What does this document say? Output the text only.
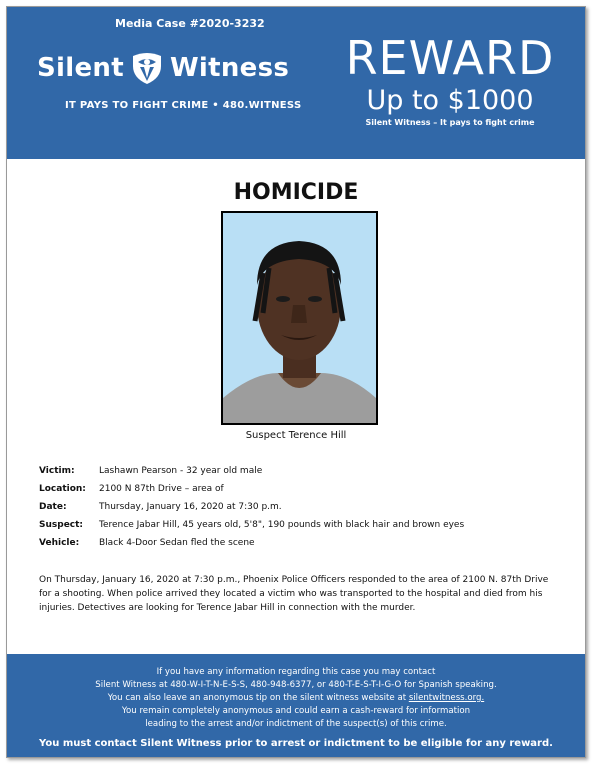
Media Case #2020-3232
Silent Witness
IT PAYS TO FIGHT CRIME • 480.WITNESS
REWARD
Up to $1000
Silent Witness – It pays to fight crime
HOMICIDE
Suspect Terence Hill
Victim:	Lashawn Pearson - 32 year old male
Location:	2100 N 87th Drive – area of
Date:	Thursday, January 16, 2020 at 7:30 p.m.
Suspect:	Terence Jabar Hill, 45 years old, 5'8", 190 pounds with black hair and brown eyes
Vehicle:	Black 4-Door Sedan fled the scene
On Thursday, January 16, 2020 at 7:30 p.m., Phoenix Police Officers responded to the area of 2100 N. 87th Drive for a shooting. When police arrived they located a victim who was transported to the hospital and died from his injuries. Detectives are looking for Terence Jabar Hill in connection with the murder.
If you have any information regarding this case you may contact
Silent Witness at 480-W-I-T-N-E-S-S, 480-948-6377, or 480-T-E-S-T-I-G-O for Spanish speaking.
You can also leave an anonymous tip on the silent witness website at silentwitness.org.
You remain completely anonymous and could earn a cash-reward for information
leading to the arrest and/or indictment of the suspect(s) of this crime.
You must contact Silent Witness prior to arrest or indictment to be eligible for any reward.
